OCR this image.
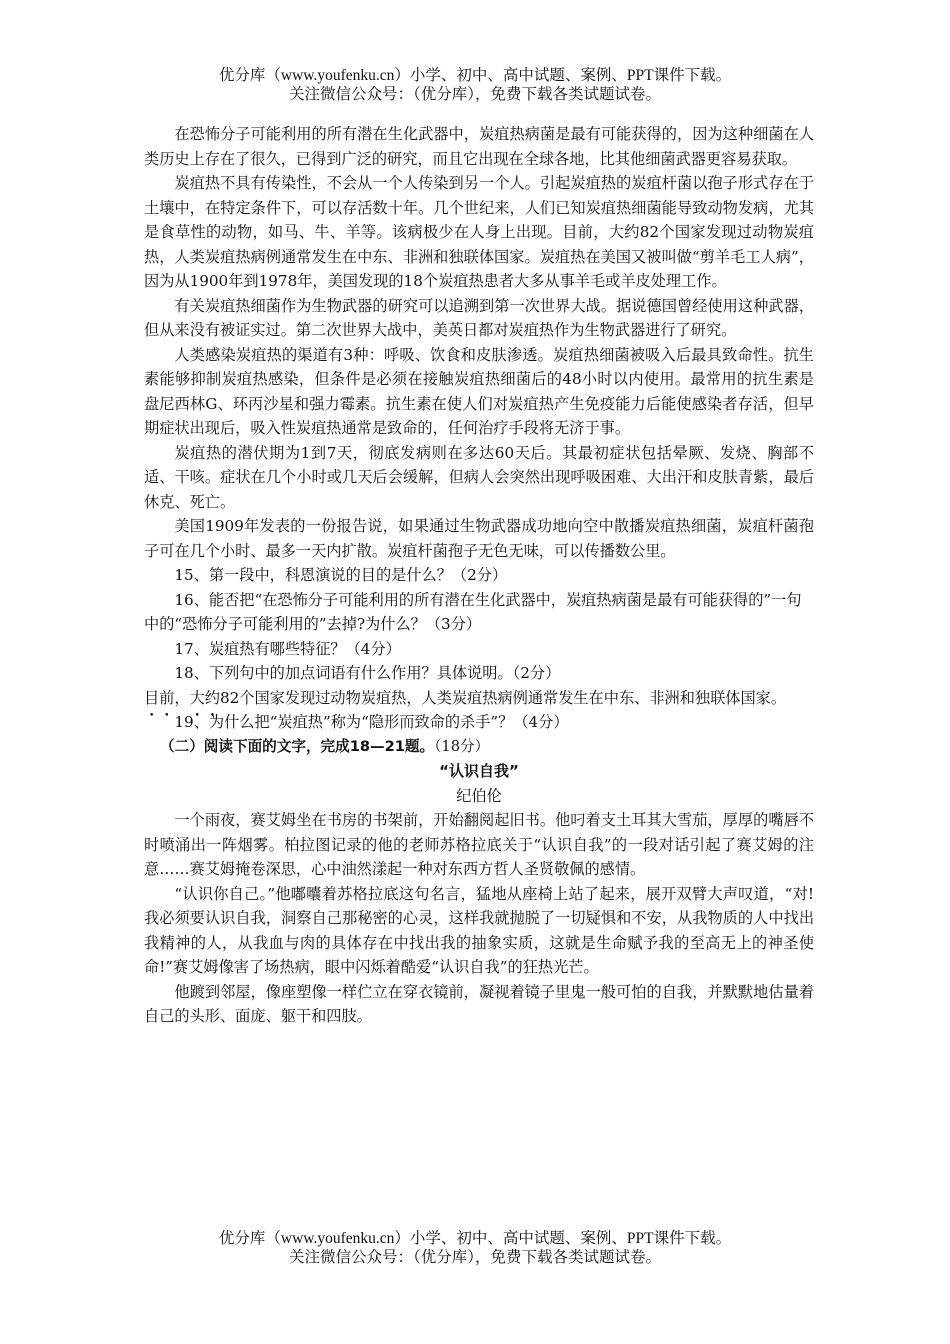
优分库（www.youfenku.cn）小学、初中、高中试题、案例、PPT课件下载。
关注微信公众号：（优分库），免费下载各类试题试卷。

在恐怖分子可能利用的所有潜在生化武器中，炭疽热病菌是最有可能获得的，因为这种细菌在人类历史上存在了很久，已得到广泛的研究，而且它出现在全球各地，比其他细菌武器更容易获取。

炭疽热不具有传染性，不会从一个人传染到另一个人。引起炭疽热的炭疽杆菌以孢子形式存在于土壤中，在特定条件下，可以存活数十年。几个世纪来，人们已知炭疽热细菌能导致动物发病，尤其是食草性的动物，如马、牛、羊等。该病极少在人身上出现。目前，大约82个国家发现过动物炭疽热，人类炭疽热病例通常发生在中东、非洲和独联体国家。炭疽热在美国又被叫做“剪羊毛工人病”，因为从1900年到1978年，美国发现的18个炭疽热患者大多从事羊毛或羊皮处理工作。

有关炭疽热细菌作为生物武器的研究可以追溯到第一次世界大战。据说德国曾经使用这种武器，但从来没有被证实过。第二次世界大战中，美英日都对炭疽热作为生物武器进行了研究。

人类感染炭疽热的渠道有3种：呼吸、饮食和皮肤渗透。炭疽热细菌被吸入后最具致命性。抗生素能够抑制炭疽热感染，但条件是必须在接触炭疽热细菌后的48小时以内使用。最常用的抗生素是盘尼西林G、环丙沙星和强力霉素。抗生素在使人们对炭疽热产生免疫能力后能使感染者存活，但早期症状出现后，吸入性炭疽热通常是致命的，任何治疗手段将无济于事。

炭疽热的潜伏期为1到7天，彻底发病则在多达60天后。其最初症状包括晕厥、发烧、胸部不适、干咳。症状在几个小时或几天后会缓解，但病人会突然出现呼吸困难、大出汗和皮肤青紫，最后休克、死亡。

美国1909年发表的一份报告说，如果通过生物武器成功地向空中散播炭疽热细菌，炭疽杆菌孢子可在几个小时、最多一天内扩散。炭疽杆菌孢子无色无味，可以传播数公里。

15、第一段中，科恩演说的目的是什么？（2分）

16、能否把“在恐怖分子可能利用的所有潜在生化武器中，炭疽热病菌是最有可能获得的”一句中的“恐怖分子可能利用的”去掉?为什么？（3分）

17、炭疽热有哪些特征？（4分）

18、下列句中的加点词语有什么作用？具体说明。（2分）

目前，大约82个国家发现过动物炭疽热，人类炭疽热病例通常发生在中东、非洲和独联体国家。

19、为什么把“炭疽热”称为“隐形而致命的杀手”？（4分）

（二）阅读下面的文字，完成18—21题。（18分）

“认识自我”

纪伯伦

一个雨夜，赛艾姆坐在书房的书架前，开始翻阅起旧书。他叼着支土耳其大雪茄，厚厚的嘴唇不时喷涌出一阵烟雾。柏拉图记录的他的老师苏格拉底关于“认识自我”的一段对话引起了赛艾姆的注意……赛艾姆掩卷深思，心中油然漾起一种对东西方哲人圣贤敬佩的感情。

“认识你自己。”他嘟囔着苏格拉底这句名言，猛地从座椅上站了起来，展开双臂大声叹道，“对!我必须要认识自我，洞察自己那秘密的心灵，这样我就抛脱了一切疑惧和不安，从我物质的人中找出我精神的人，从我血与肉的具体存在中找出我的抽象实质，这就是生命赋予我的至高无上的神圣使命!”赛艾姆像害了场热病，眼中闪烁着酷爱“认识自我”的狂热光芒。

他踱到邻屋，像座塑像一样伫立在穿衣镜前，凝视着镜子里鬼一般可怕的自我，并默默地估量着自己的头形、面庞、躯干和四肢。

优分库（www.youfenku.cn）小学、初中、高中试题、案例、PPT课件下载。
关注微信公众号：（优分库），免费下载各类试题试卷。
